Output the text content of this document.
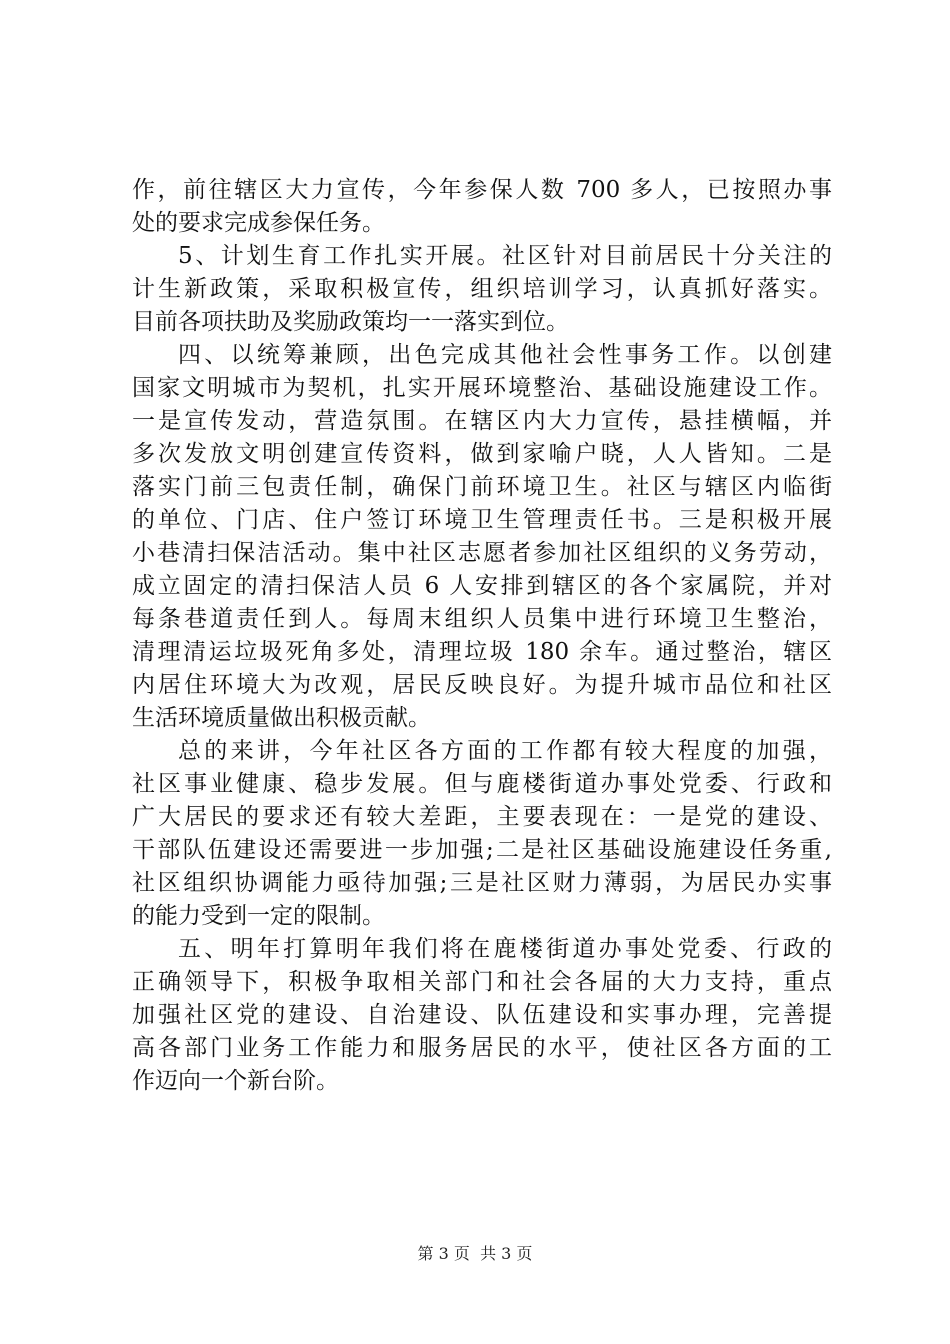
作，前往辖区大力宣传，今年参保人数 700 多人，已按照办事
处的要求完成参保任务。
5、计划生育工作扎实开展。社区针对目前居民十分关注的
计生新政策，采取积极宣传，组织培训学习，认真抓好落实。
目前各项扶助及奖励政策均一一落实到位。
四、以统筹兼顾，出色完成其他社会性事务工作。以创建
国家文明城市为契机，扎实开展环境整治、基础设施建设工作。
一是宣传发动，营造氛围。在辖区内大力宣传，悬挂横幅，并
多次发放文明创建宣传资料，做到家喻户晓，人人皆知。二是
落实门前三包责任制，确保门前环境卫生。社区与辖区内临街
的单位、门店、住户签订环境卫生管理责任书。三是积极开展
小巷清扫保洁活动。集中社区志愿者参加社区组织的义务劳动，
成立固定的清扫保洁人员 6 人安排到辖区的各个家属院，并对
每条巷道责任到人。每周末组织人员集中进行环境卫生整治，
清理清运垃圾死角多处，清理垃圾 180 余车。通过整治，辖区
内居住环境大为改观，居民反映良好。为提升城市品位和社区
生活环境质量做出积极贡献。
总的来讲，今年社区各方面的工作都有较大程度的加强，
社区事业健康、稳步发展。但与鹿楼街道办事处党委、行政和
广大居民的要求还有较大差距，主要表现在：一是党的建设、
干部队伍建设还需要进一步加强;二是社区基础设施建设任务重,
社区组织协调能力亟待加强;三是社区财力薄弱，为居民办实事
的能力受到一定的限制。
五、明年打算明年我们将在鹿楼街道办事处党委、行政的
正确领导下，积极争取相关部门和社会各届的大力支持，重点
加强社区党的建设、自治建设、队伍建设和实事办理，完善提
高各部门业务工作能力和服务居民的水平，使社区各方面的工
作迈向一个新台阶。
第 3 页  共 3 页
